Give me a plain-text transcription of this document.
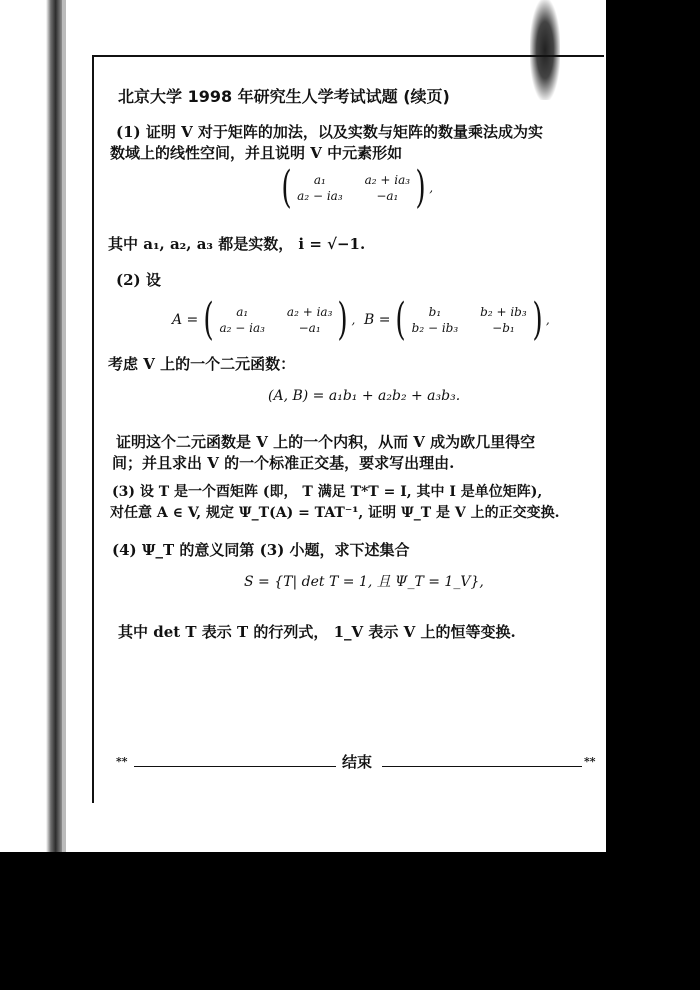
北京大学 1998 年研究生人学考试试题 (续页)
(1) 证明 V 对于矩阵的加法，以及实数与矩阵的数量乘法成为实
数域上的线性空间，并且说明 V 中元素形如
(	a₁	a₂ + ia₃
a₂ − ia₃	−a₁ ) ,
其中 a₁, a₂, a₃ 都是实数， i = √−1.
(2) 设
A = (	a₁	a₂ + ia₃
a₂ − ia₃	−a₁ ) , B = (	b₁	b₂ + ib₃
b₂ − ib₃	−b₁ ) ,
考虑 V 上的一个二元函数：
(A, B) = a₁b₁ + a₂b₂ + a₃b₃.
证明这个二元函数是 V 上的一个内积，从而 V 成为欧几里得空
间；并且求出 V 的一个标准正交基，要求写出理由.
(3) 设 T 是一个酉矩阵 (即， T 满足 T*T = I, 其中 I 是单位矩阵),
对任意 A ∈ V, 规定 Ψ_T(A) = TAT⁻¹, 证明 Ψ_T 是 V 上的正交变换.
(4) Ψ_T 的意义同第 (3) 小题，求下述集合
S = {T| det T = 1, 且 Ψ_T = 1_V},
其中 det T 表示 T 的行列式， 1_V 表示 V 上的恒等变换.
**	结束	**
